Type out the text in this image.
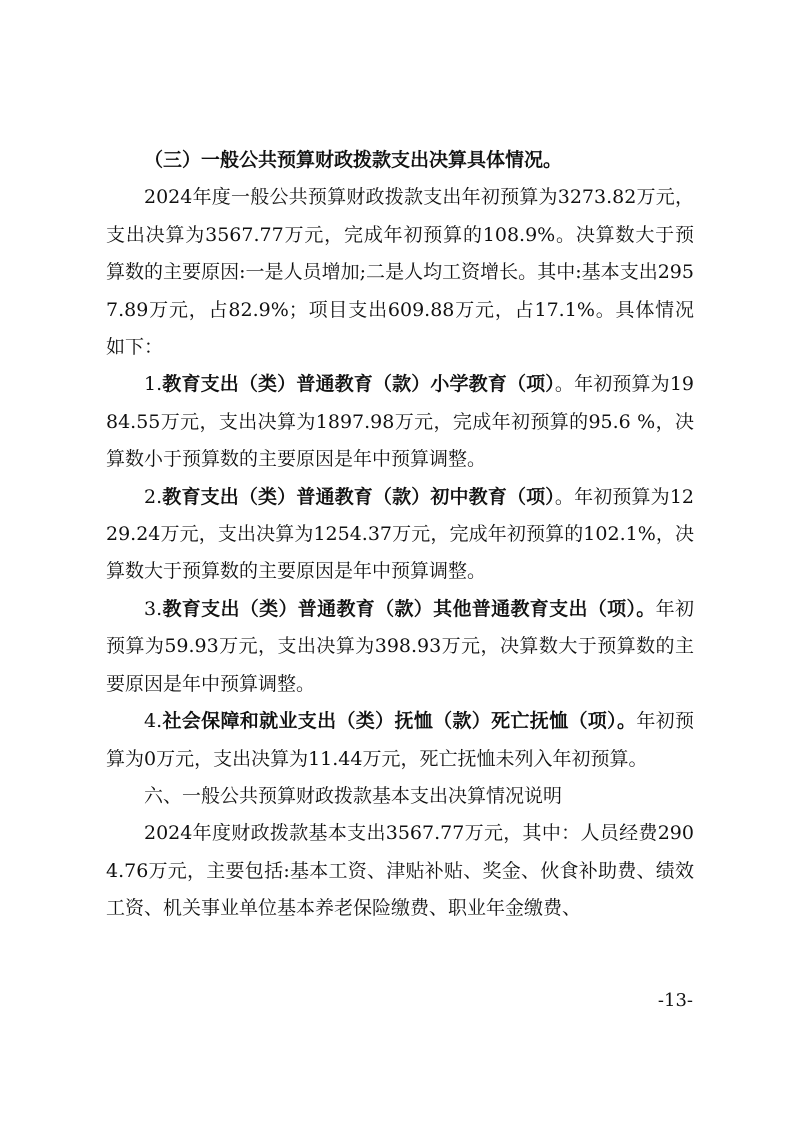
（三）一般公共预算财政拨款支出决算具体情况。

2024年度一般公共预算财政拨款支出年初预算为3273.82万元，支出决算为3567.77万元，完成年初预算的108.9%。决算数大于预算数的主要原因:一是人员增加;二是人均工资增长。其中:基本支出2957.89万元，占82.9%；项目支出609.88万元，占17.1%。具体情况如下：

1.教育支出（类）普通教育（款）小学教育（项）。年初预算为1984.55万元，支出决算为1897.98万元，完成年初预算的95.6 %，决算数小于预算数的主要原因是年中预算调整。

2.教育支出（类）普通教育（款）初中教育（项）。年初预算为1229.24万元，支出决算为1254.37万元，完成年初预算的102.1%，决算数大于预算数的主要原因是年中预算调整。

3.教育支出（类）普通教育（款）其他普通教育支出（项）。年初预算为59.93万元，支出决算为398.93万元，决算数大于预算数的主要原因是年中预算调整。

4.社会保障和就业支出（类）抚恤（款）死亡抚恤（项）。年初预算为0万元，支出决算为11.44万元，死亡抚恤未列入年初预算。

六、一般公共预算财政拨款基本支出决算情况说明

2024年度财政拨款基本支出3567.77万元，其中：人员经费2904.76万元，主要包括:基本工资、津贴补贴、奖金、伙食补助费、绩效工资、机关事业单位基本养老保险缴费、职业年金缴费、

-13-
